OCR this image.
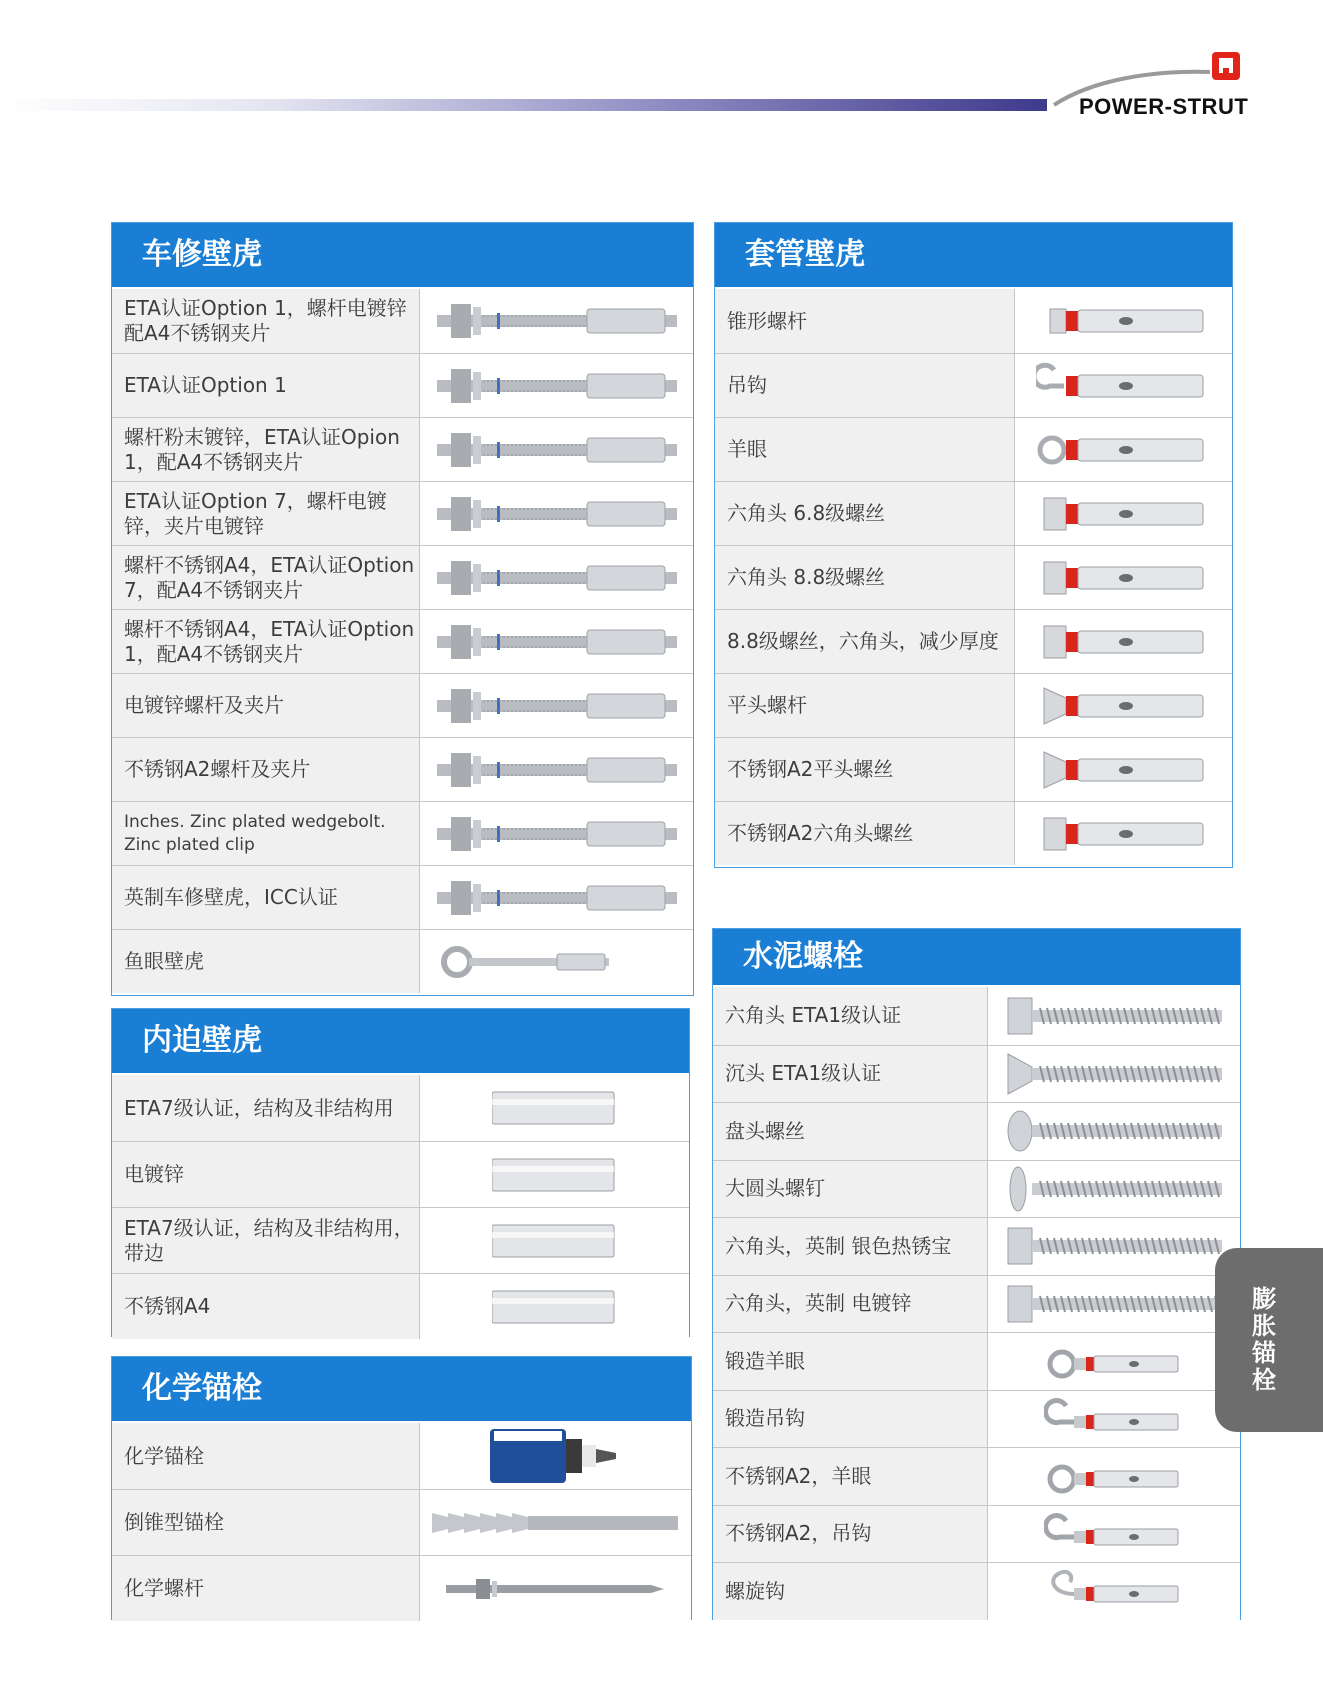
POWER-STRUT
车修壁虎
ETA认证Option 1，螺杆电镀锌配A4不锈钢夹片
ETA认证Option 1
螺杆粉末镀锌，ETA认证Opion 1，配A4不锈钢夹片
ETA认证Option 7，螺杆电镀锌，夹片电镀锌
螺杆不锈钢A4，ETA认证Option 7，配A4不锈钢夹片
螺杆不锈钢A4，ETA认证Option 1，配A4不锈钢夹片
电镀锌螺杆及夹片
不锈钢A2螺杆及夹片
Inches. Zinc plated wedgebolt. Zinc plated clip
英制车修壁虎，ICC认证
鱼眼壁虎
套管壁虎
锥形螺杆
吊钩
羊眼
六角头 6.8级螺丝
六角头 8.8级螺丝
8.8级螺丝，六角头，减少厚度
平头螺杆
不锈钢A2平头螺丝
不锈钢A2六角头螺丝
内迫壁虎
ETA7级认证，结构及非结构用
电镀锌
ETA7级认证，结构及非结构用，带边
不锈钢A4
化学锚栓
化学锚栓
倒锥型锚栓
化学螺杆
水泥螺栓
六角头 ETA1级认证
沉头 ETA1级认证
盘头螺丝
大圆头螺钉
六角头，英制 银色热锈宝
六角头，英制 电镀锌
锻造羊眼
锻造吊钩
不锈钢A2，羊眼
不锈钢A2，吊钩
螺旋钩
膨胀锚栓
